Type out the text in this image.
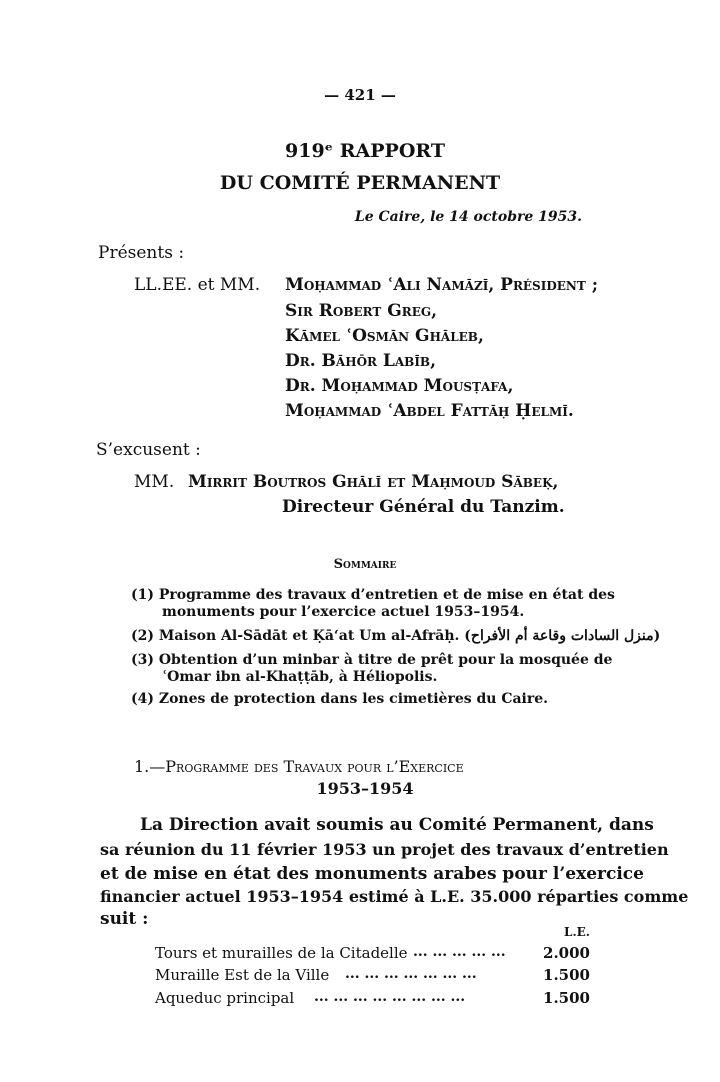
— 421 —
919ᵉ RAPPORT
DU COMITÉ PERMANENT
Le Caire, le 14 octobre 1953.
Présents :
LL.EE. et MM. Moḥammad ʿAli Namāzī, Président ;
Sir Robert Greg,
Kāmel ʿOsmān Ghāleb,
Dr. Bāhōr Labīb,
Dr. Moḥammad Mousṭafa,
Moḥammad ʿAbdel Fattāḥ Ḥelmī.
S’excusent :
MM. Mirrit Boutros Ghālī et Maḥmoud Sābeḳ,
Directeur Général du Tanzim.
Sommaire
(1) Programme des travaux d’entretien et de mise en état des
monuments pour l’exercice actuel 1953–1954.
(2) Maison Al-Sādāt et Ḳā‘at Um al-Afrāḥ. (منزل السادات وقاعة أم الأفراح)
(3) Obtention d’un minbar à titre de prêt pour la mosquée de
ʿOmar ibn al-Khaṭṭāb, à Héliopolis.
(4) Zones de protection dans les cimetières du Caire.
1.—Programme des Travaux pour l’Exercice
1953–1954
La Direction avait soumis au Comité Permanent, dans
sa réunion du 11 février 1953 un projet des travaux d’entretien
et de mise en état des monuments arabes pour l’exercice
financier actuel 1953–1954 estimé à L.E. 35.000 réparties comme
suit :
L.E.
Tours et murailles de la Citadelle ... ... ... ... ...	2.000
Muraille Est de la Ville ... ... ... ... ... ... ...	1.500
Aqueduc principal ... ... ... ... ... ... ... ...	1.500
